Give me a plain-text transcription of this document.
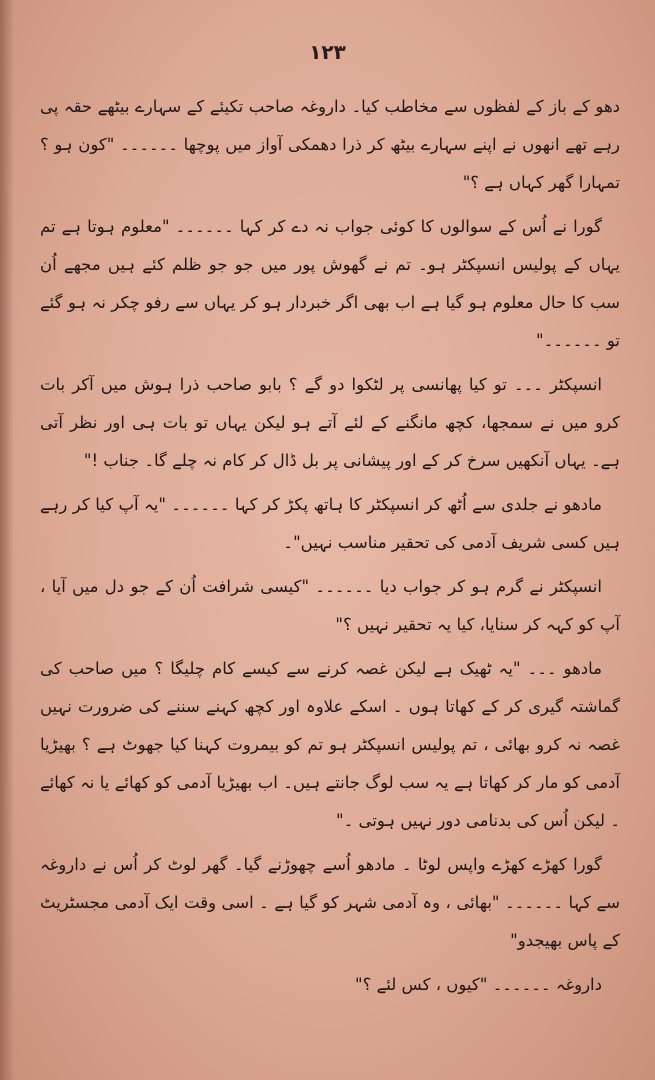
۱۲۳

دھو کے باز کے لفظوں سے مخاطب کیا۔ داروغہ صاحب تکیئے کے سہارے بیٹھے حقہ پی رہے تھے انھوں نے اپنے سہارے بیٹھ کر ذرا دھمکی آواز میں پوچھا ۔۔۔۔۔۔ "کون ہو ؟ تمہارا گھر کہاں ہے ؟"

گورا نے اُس کے سوالوں کا کوئی جواب نہ دے کر کہا ۔۔۔۔۔۔ "معلوم ہوتا ہے تم یہاں کے پولیس انسپکٹر ہو۔ تم نے گھوش پور میں جو جو ظلم کئے ہیں مجھے اُن سب کا حال معلوم ہو گیا ہے اب بھی اگر خبردار ہو کر یہاں سے رفو چکر نہ ہو گئے تو ۔۔۔۔۔۔"

انسپکٹر ۔۔۔ تو کیا پھانسی پر لٹکوا دو گے ؟ بابو صاحب ذرا ہوش میں آکر بات کرو میں نے سمجھا، کچھ مانگنے کے لئے آتے ہو لیکن یہاں تو بات ہی اور نظر آتی ہے۔ یہاں آنکھیں سرخ کر کے اور پیشانی پر بل ڈال کر کام نہ چلے گا۔ جناب !"

مادھو نے جلدی سے اُٹھ کر انسپکٹر کا ہاتھ پکڑ کر کہا ۔۔۔۔۔۔ "یہ آپ کیا کر رہے ہیں کسی شریف آدمی کی تحقیر مناسب نہیں"۔

انسپکٹر نے گرم ہو کر جواب دیا ۔۔۔۔۔۔ "کیسی شرافت اُن کے جو دل میں آیا ، آپ کو کہہ کر سنایا، کیا یہ تحقیر نہیں ؟"

مادھو ۔۔۔ "یہ ٹھیک ہے لیکن غصہ کرنے سے کیسے کام چلیگا ؟ میں صاحب کی گماشتہ گیری کر کے کھاتا ہوں ۔ اسکے علاوہ اور کچھ کہنے سننے کی ضرورت نہیں غصہ نہ کرو بھائی ، تم پولیس انسپکٹر ہو تم کو بیمروت کہنا کیا جھوٹ ہے ؟ بھیڑیا آدمی کو مار کر کھاتا ہے یہ سب لوگ جانتے ہیں۔ اب بھیڑیا آدمی کو کھائے یا نہ کھائے ۔ لیکن اُس کی بدنامی دور نہیں ہوتی ۔"

گورا کھڑے کھڑے واپس لوٹا ۔ مادھو اُسے چھوڑنے گیا۔ گھر لوٹ کر اُس نے داروغہ سے کہا ۔۔۔۔۔۔ "بھائی ، وہ آدمی شہر کو گیا ہے ۔ اسی وقت ایک آدمی مجسٹریٹ کے پاس بھیجدو"

داروغہ ۔۔۔۔۔۔ "کیوں ، کس لئے ؟"
